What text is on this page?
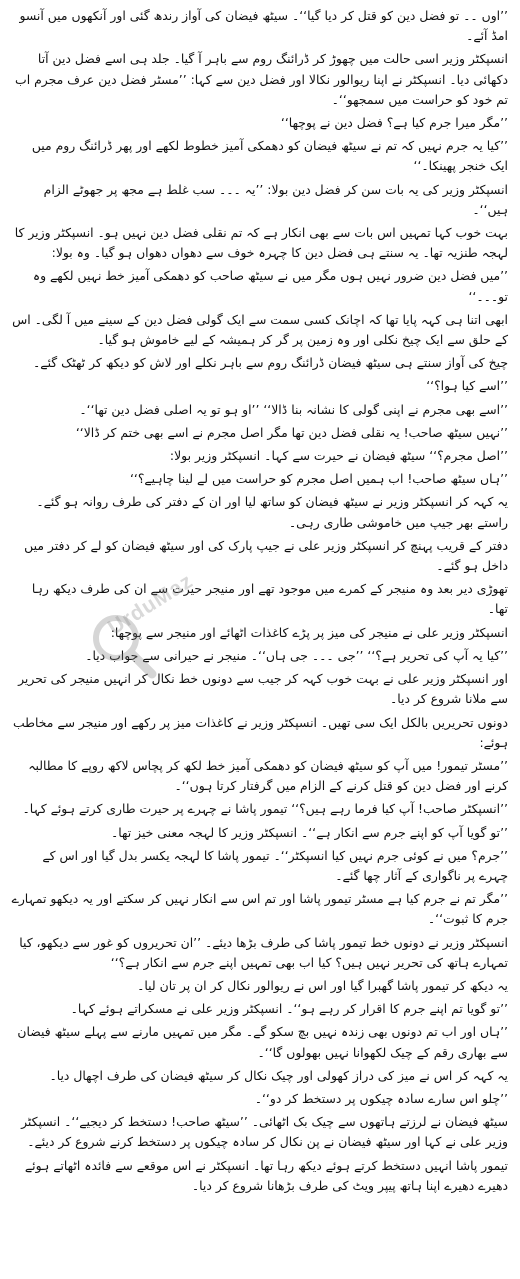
’’اوں ۔۔ تو فضل دین کو قتل کر دیا گیا‘‘۔ سیٹھ فیضان کی آواز رندھ گئی اور آنکھوں میں آنسو امڈ آئے۔

انسپکٹر وزیر اسی حالت میں چھوڑ کر ڈرائنگ روم سے باہر آ گیا۔ جلد ہی اسے فضل دین آتا دکھائی دیا۔ انسپکٹر نے اپنا ریوالور نکالا اور فضل دین سے کہا: ’’مسٹر فضل دین عرف مجرم اب تم خود کو حراست میں سمجھو‘‘۔

’’مگر میرا جرم کیا ہے؟ فضل دین نے پوچھا‘‘

’’کیا یہ جرم نہیں کہ تم نے سیٹھ فیضان کو دھمکی آمیز خطوط لکھے اور پھر ڈرائنگ روم میں ایک خنجر پھینکا۔‘‘

انسپکٹر وزیر کی یہ بات سن کر فضل دین بولا: ’’یہ ۔۔۔ سب غلط ہے مجھ پر جھوٹے الزام ہیں‘‘۔

بہت خوب کہا تمہیں اس بات سے بھی انکار ہے کہ تم نقلی فضل دین نہیں ہو۔ انسپکٹر وزیر کا لہجہ طنزیہ تھا۔ یہ سنتے ہی فضل دین کا چہرہ خوف سے دھواں دھواں ہو گیا۔ وہ بولا:

’’میں فضل دین ضرور نہیں ہوں مگر میں نے سیٹھ صاحب کو دھمکی آمیز خط نہیں لکھے وہ تو۔۔۔‘‘

ابھی اتنا ہی کہہ پایا تھا کہ اچانک کسی سمت سے ایک گولی فضل دین کے سینے میں آ لگی۔ اس کے حلق سے ایک چیخ نکلی اور وہ زمین پر گر کر ہمیشہ کے لیے خاموش ہو گیا۔

چیخ کی آواز سنتے ہی سیٹھ فیضان ڈرائنگ روم سے باہر نکلے اور لاش کو دیکھ کر ٹھٹک گئے۔

’’اسے کیا ہوا؟‘‘

’’اسے بھی مجرم نے اپنی گولی کا نشانہ بنا ڈالا‘‘ ’’او ہو تو یہ اصلی فضل دین تھا‘‘۔

’’نہیں سیٹھ صاحب! یہ نقلی فضل دین تھا مگر اصل مجرم نے اسے بھی ختم کر ڈالا‘‘

’’اصل مجرم؟‘‘ سیٹھ فیضان نے حیرت سے کہا۔ انسپکٹر وزیر بولا:

’’ہاں سیٹھ صاحب! اب ہمیں اصل مجرم کو حراست میں لے لینا چاہیے؟‘‘

یہ کہہ کر انسپکٹر وزیر نے سیٹھ فیضان کو ساتھ لیا اور ان کے دفتر کی طرف روانہ ہو گئے۔ راستے بھر جیپ میں خاموشی طاری رہی۔

دفتر کے قریب پہنچ کر انسپکٹر وزیر علی نے جیپ پارک کی اور سیٹھ فیضان کو لے کر دفتر میں داخل ہو گئے۔

تھوڑی دیر بعد وہ منیجر کے کمرے میں موجود تھے اور منیجر حیرت سے ان کی طرف دیکھ رہا تھا۔

انسپکٹر وزیر علی نے منیجر کی میز پر پڑے کاغذات اٹھائے اور منیجر سے پوچھا:

’’کیا یہ آپ کی تحریر ہے؟‘‘ ’’جی ۔۔۔ جی ہاں‘‘۔ منیجر نے حیرانی سے جواب دیا۔

اور انسپکٹر وزیر علی نے بہت خوب کہہ کر جیب سے دونوں خط نکال کر انہیں منیجر کی تحریر سے ملانا شروع کر دیا۔

دونوں تحریریں بالکل ایک سی تھیں۔ انسپکٹر وزیر نے کاغذات میز پر رکھے اور منیجر سے مخاطب ہوئے:

’’مسٹر تیمور! میں آپ کو سیٹھ فیضان کو دھمکی آمیز خط لکھ کر پچاس لاکھ روپے کا مطالبہ کرنے اور فضل دین کو قتل کرنے کے الزام میں گرفتار کرتا ہوں‘‘۔

’’انسپکٹر صاحب! آپ کیا فرما رہے ہیں؟‘‘ تیمور پاشا نے چہرے پر حیرت طاری کرتے ہوئے کہا۔

’’تو گویا آپ کو اپنے جرم سے انکار ہے‘‘۔ انسپکٹر وزیر کا لہجہ معنی خیز تھا۔

’’جرم؟ میں نے کوئی جرم نہیں کیا انسپکٹر‘‘۔ تیمور پاشا کا لہجہ یکسر بدل گیا اور اس کے چہرے پر ناگواری کے آثار چھا گئے۔

’’مگر تم نے جرم کیا ہے مسٹر تیمور پاشا اور تم اس سے انکار نہیں کر سکتے اور یہ دیکھو تمہارے جرم کا ثبوت‘‘۔

انسپکٹر وزیر نے دونوں خط تیمور پاشا کی طرف بڑھا دیئے۔ ’’ان تحریروں کو غور سے دیکھو، کیا تمہارے ہاتھ کی تحریر نہیں ہیں؟ کیا اب بھی تمہیں اپنے جرم سے انکار ہے؟‘‘

یہ دیکھ کر تیمور پاشا گھبرا گیا اور اس نے ریوالور نکال کر ان پر تان لیا۔

’’تو گویا تم اپنے جرم کا اقرار کر رہے ہو‘‘۔ انسپکٹر وزیر علی نے مسکراتے ہوئے کہا۔

’’ہاں اور اب تم دونوں بھی زندہ نہیں بچ سکو گے۔ مگر میں تمہیں مارنے سے پہلے سیٹھ فیضان سے بھاری رقم کے چیک لکھوانا نہیں بھولوں گا‘‘۔

یہ کہہ کر اس نے میز کی دراز کھولی اور چیک نکال کر سیٹھ فیضان کی طرف اچھال دیا۔

’’چلو اس سارے سادہ چیکوں پر دستخط کر دو‘‘۔

سیٹھ فیضان نے لرزتے ہاتھوں سے چیک بک اٹھائی۔ ’’سیٹھ صاحب! دستخط کر دیجیے‘‘۔ انسپکٹر وزیر علی نے کہا اور سیٹھ فیضان نے پن نکال کر سادہ چیکوں پر دستخط کرنے شروع کر دیئے۔

تیمور پاشا انہیں دستخط کرتے ہوئے دیکھ رہا تھا۔ انسپکٹر نے اس موقعے سے فائدہ اٹھاتے ہوئے دھیرے دھیرے اپنا ہاتھ پیپر ویٹ کی طرف بڑھانا شروع کر دیا۔

UrduMaz
